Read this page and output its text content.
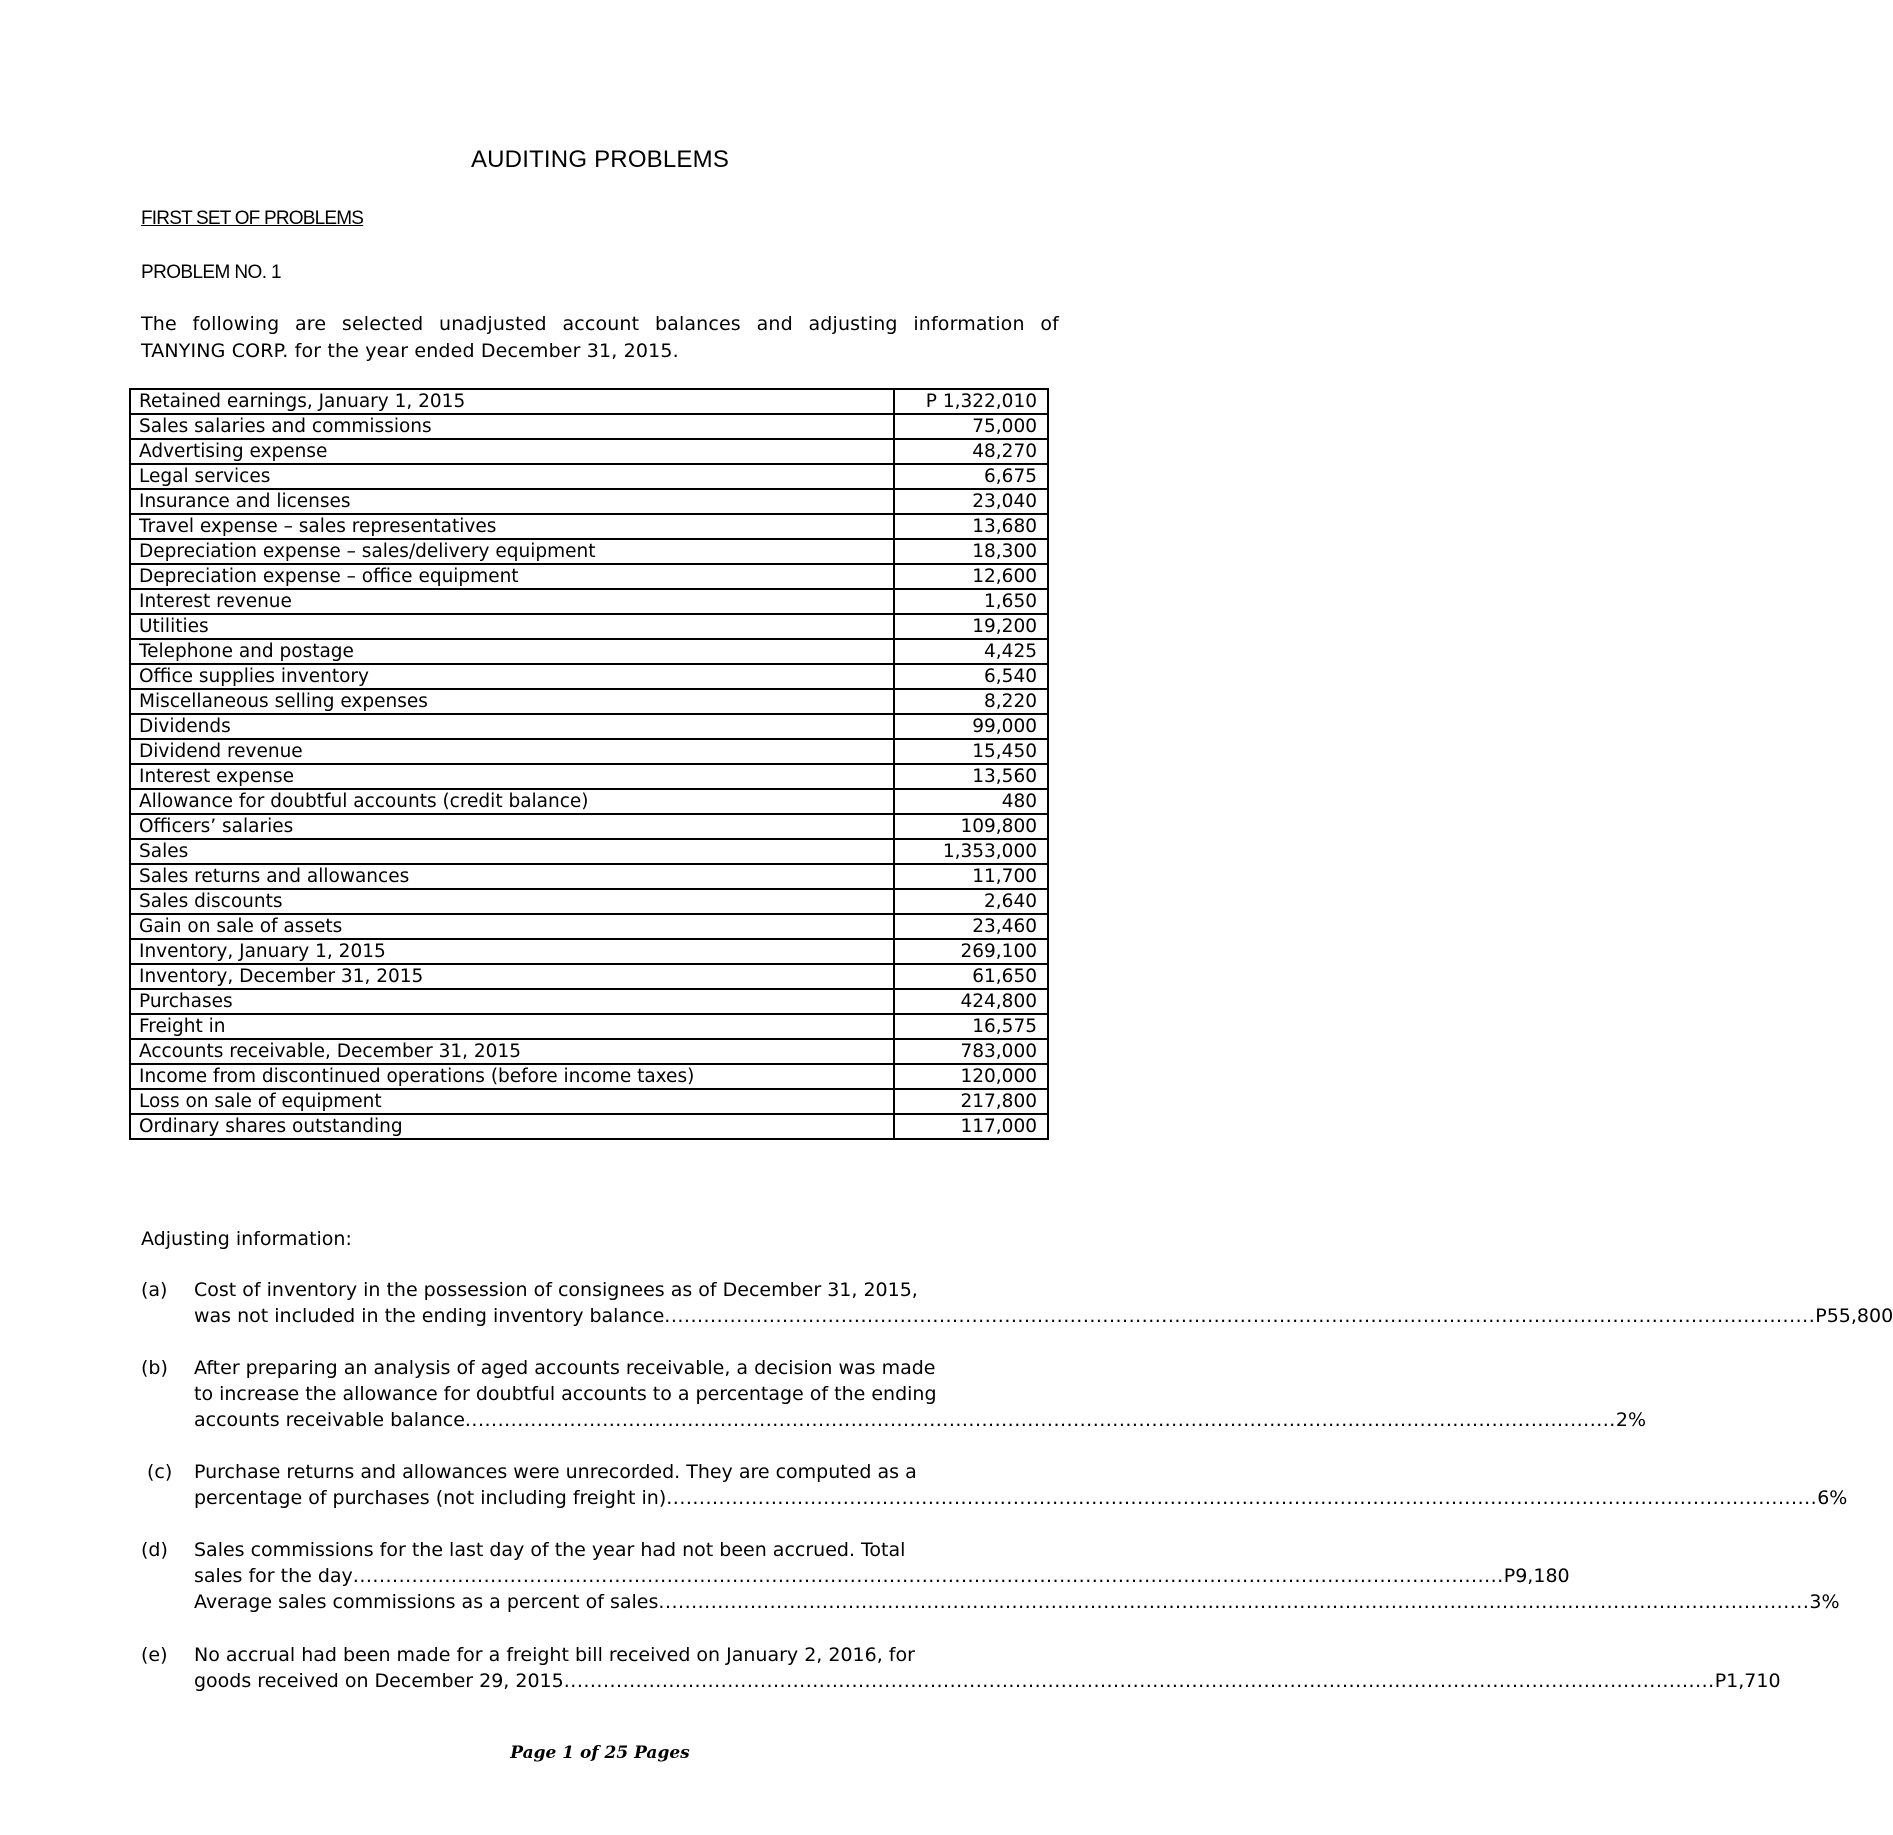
AUDITING PROBLEMS
FIRST SET OF PROBLEMS
PROBLEM NO. 1
The following are selected unadjusted account balances and adjusting information of
TANYING CORP. for the year ended December 31, 2015.
Retained earnings, January 1, 2015	P 1,322,010
Sales salaries and commissions	75,000
Advertising expense	48,270
Legal services	6,675
Insurance and licenses	23,040
Travel expense – sales representatives	13,680
Depreciation expense – sales/delivery equipment	18,300
Depreciation expense – office equipment	12,600
Interest revenue	1,650
Utilities	19,200
Telephone and postage	4,425
Office supplies inventory	6,540
Miscellaneous selling expenses	8,220
Dividends	99,000
Dividend revenue	15,450
Interest expense	13,560
Allowance for doubtful accounts (credit balance)	480
Officers’ salaries	109,800
Sales	1,353,000
Sales returns and allowances	11,700
Sales discounts	2,640
Gain on sale of assets	23,460
Inventory, January 1, 2015	269,100
Inventory, December 31, 2015	61,650
Purchases	424,800
Freight in	16,575
Accounts receivable, December 31, 2015	783,000
Income from discontinued operations (before income taxes)	120,000
Loss on sale of equipment	217,800
Ordinary shares outstanding	117,000
Adjusting information:
(a) Cost of inventory in the possession of consignees as of December 31, 2015,
was not included in the ending inventory balance ................................................................................................................................................................................ P55,800
(b) After preparing an analysis of aged accounts receivable, a decision was made
to increase the allowance for doubtful accounts to a percentage of the ending
accounts receivable balance ................................................................................................................................................................................ 2%
(c) Purchase returns and allowances were unrecorded. They are computed as a
percentage of purchases (not including freight in) ................................................................................................................................................................................ 6%
(d) Sales commissions for the last day of the year had not been accrued. Total
sales for the day ................................................................................................................................................................................ P9,180
Average sales commissions as a percent of sales ................................................................................................................................................................................ 3%
(e) No accrual had been made for a freight bill received on January 2, 2016, for
goods received on December 29, 2015 ................................................................................................................................................................................ P1,710
Page 1 of 25 Pages
